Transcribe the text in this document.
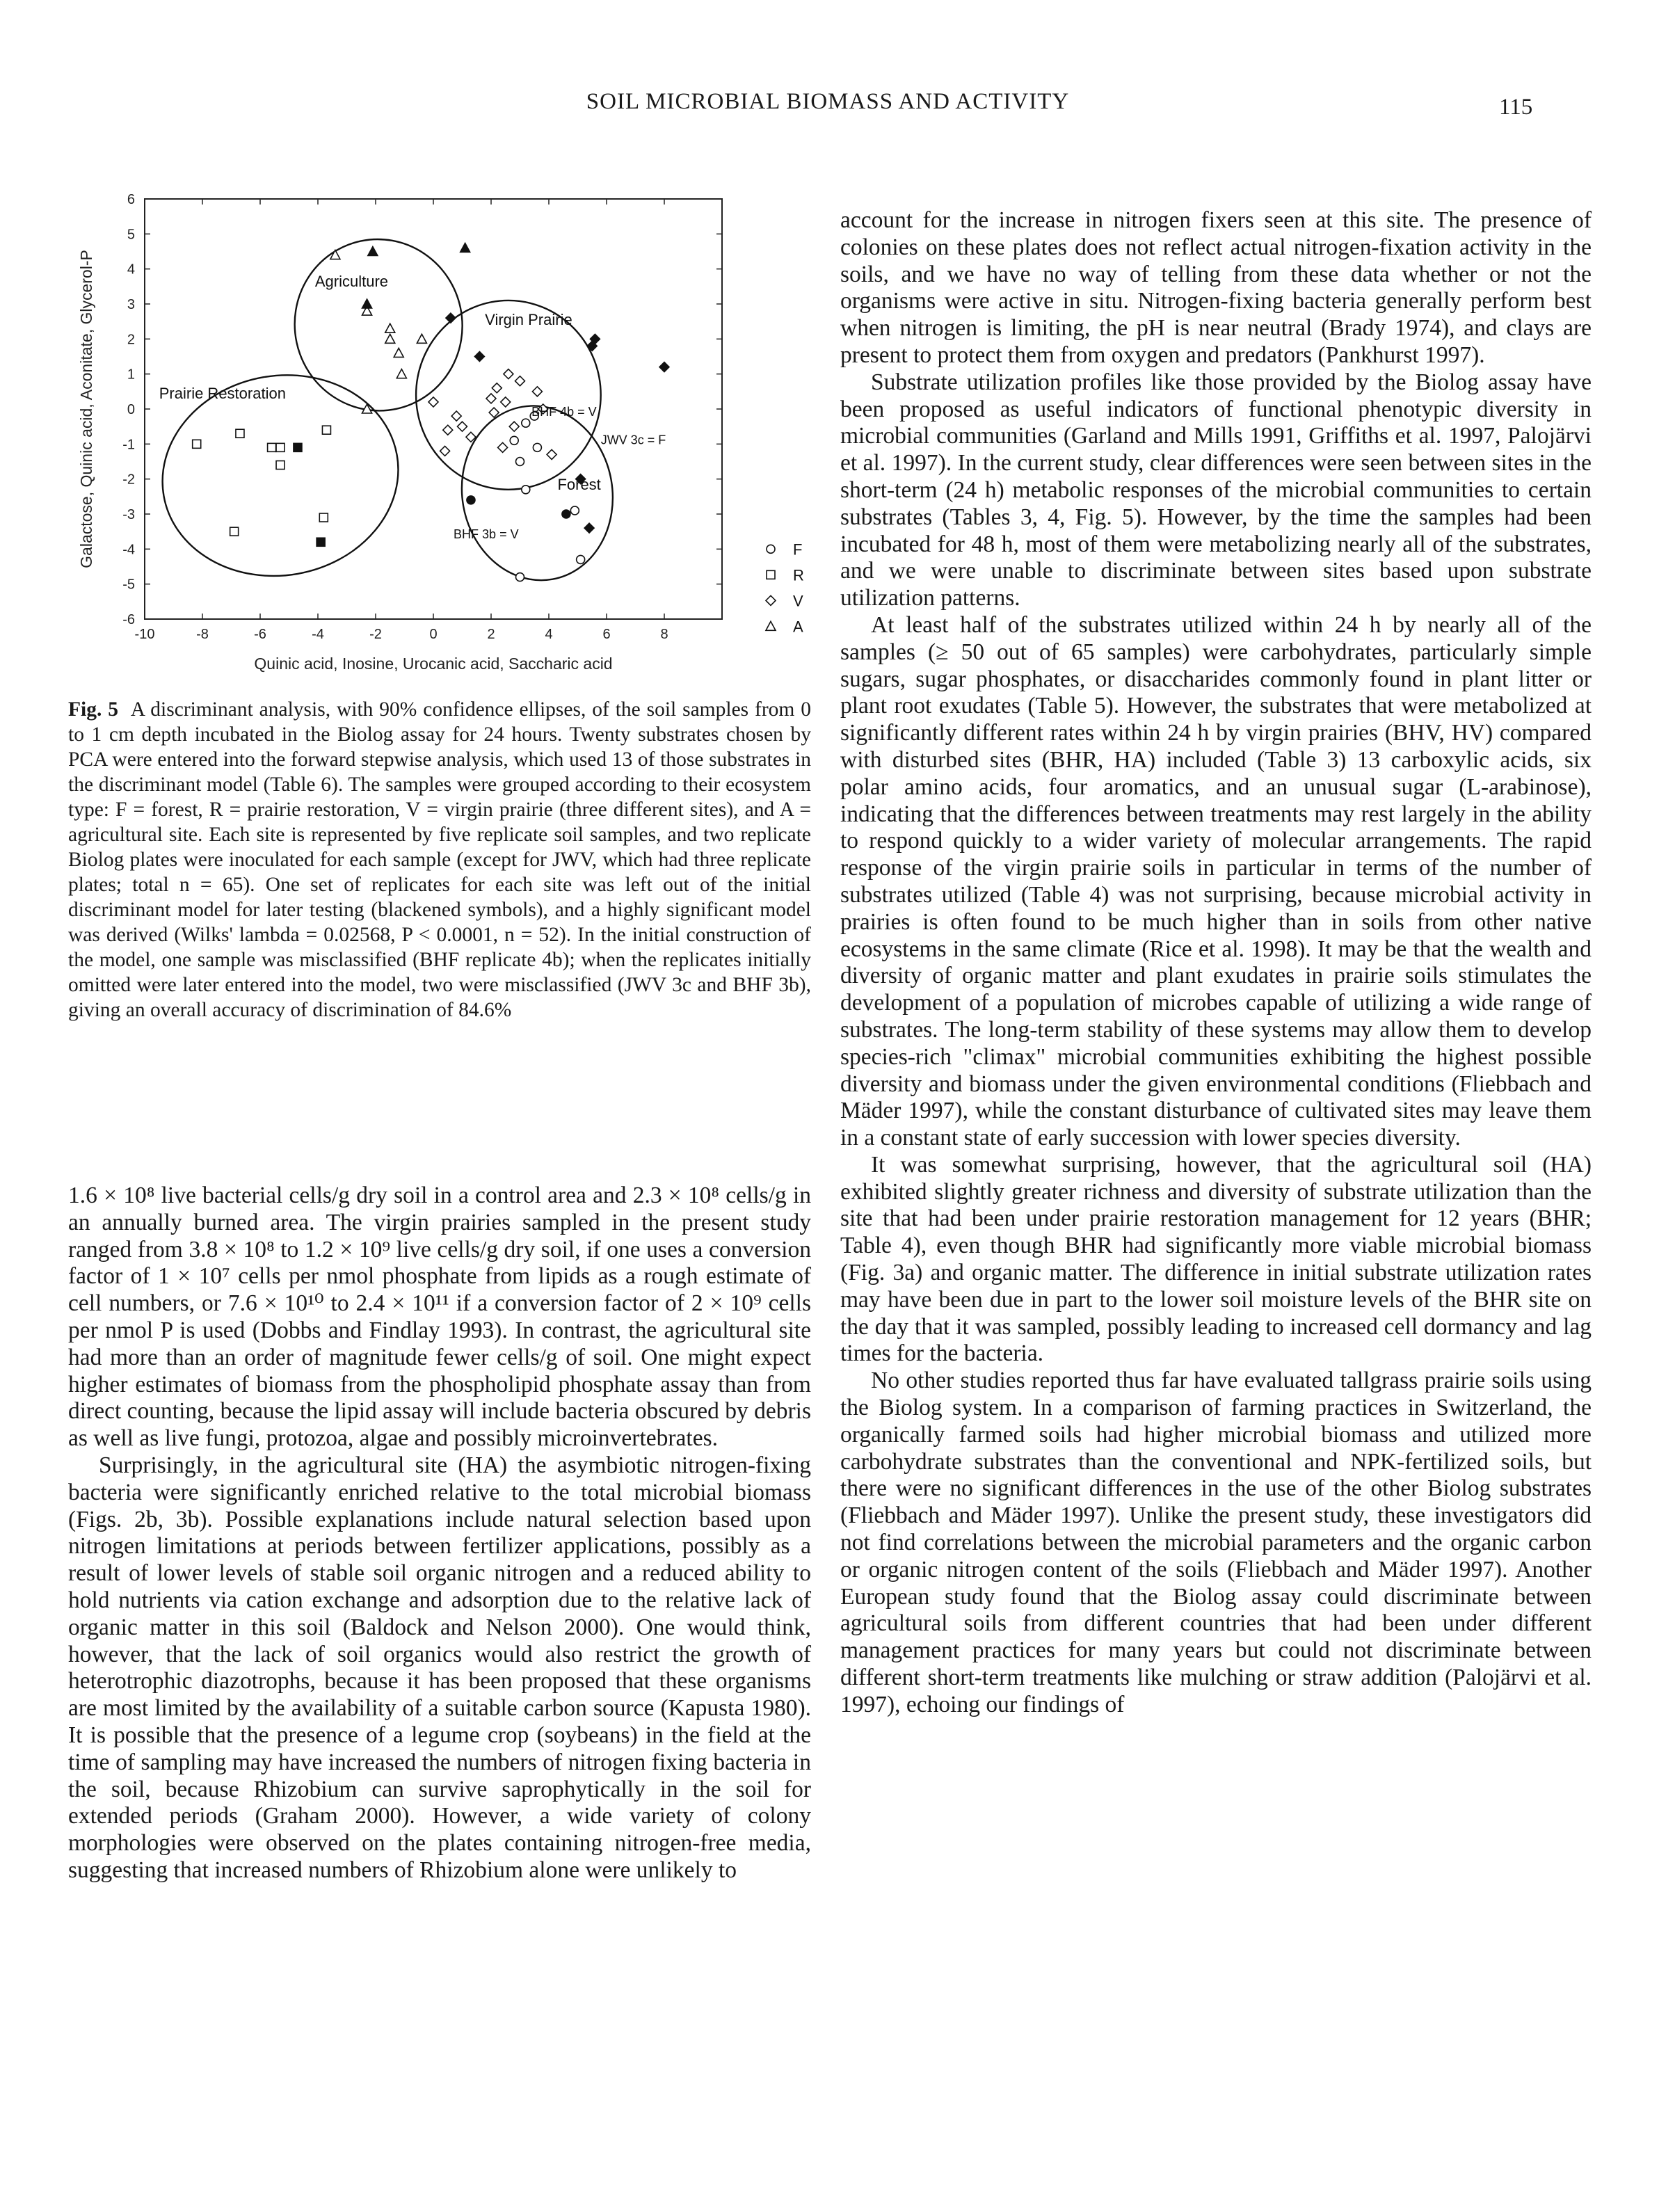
SOIL MICROBIAL BIOMASS AND ACTIVITY	115
-10	-8	-6	-4	-2	0	2	4	6	8
6
5
4
3
2
1
0
-1
-2
-3
-4
-5
-6
Quinic acid, Inosine, Urocanic acid, Saccharic acid
Galactose, Quinic acid, Aconitate, Glycerol-P	Agriculture
Virgin Prairie
Prairie Restoration
Forest
BHF 4b = V
JWV 3c = F
BHF 3b = V
F
R
V
A
Fig. 5 A discriminant analysis, with 90% confidence ellipses, of the soil samples from 0 to 1 cm depth incubated in the Biolog assay for 24 hours. Twenty substrates chosen by PCA were entered into the forward stepwise analysis, which used 13 of those substrates in the discriminant model (Table 6). The samples were grouped according to their ecosystem type: F = forest, R = prairie restoration, V = virgin prairie (three different sites), and A = agricultural site. Each site is represented by five replicate soil samples, and two replicate Biolog plates were inoculated for each sample (except for JWV, which had three replicate plates; total n = 65). One set of replicates for each site was left out of the initial discriminant model for later testing (blackened symbols), and a highly significant model was derived (Wilks' lambda = 0.02568, P < 0.0001, n = 52). In the initial construction of the model, one sample was misclassified (BHF replicate 4b); when the replicates initially omitted were later entered into the model, two were misclassified (JWV 3c and BHF 3b), giving an overall accuracy of discrimination of 84.6%

1.6 × 10⁸ live bacterial cells/g dry soil in a control area and 2.3 × 10⁸ cells/g in an annually burned area. The virgin prairies sampled in the present study ranged from 3.8 × 10⁸ to 1.2 × 10⁹ live cells/g dry soil, if one uses a conversion factor of 1 × 10⁷ cells per nmol phosphate from lipids as a rough estimate of cell numbers, or 7.6 × 10¹⁰ to 2.4 × 10¹¹ if a conversion factor of 2 × 10⁹ cells per nmol P is used (Dobbs and Findlay 1993). In contrast, the agricultural site had more than an order of magnitude fewer cells/g of soil. One might expect higher estimates of biomass from the phospholipid phosphate assay than from direct counting, because the lipid assay will include bacteria obscured by debris as well as live fungi, protozoa, algae and possibly microinvertebrates.

Surprisingly, in the agricultural site (HA) the asymbiotic nitrogen-fixing bacteria were significantly enriched relative to the total microbial biomass (Figs. 2b, 3b). Possible explanations include natural selection based upon nitrogen limitations at periods between fertilizer applications, possibly as a result of lower levels of stable soil organic nitrogen and a reduced ability to hold nutrients via cation exchange and adsorption due to the relative lack of organic matter in this soil (Baldock and Nelson 2000). One would think, however, that the lack of soil organics would also restrict the growth of heterotrophic diazotrophs, because it has been proposed that these organisms are most limited by the availability of a suitable carbon source (Kapusta 1980). It is possible that the presence of a legume crop (soybeans) in the field at the time of sampling may have increased the numbers of nitrogen fixing bacteria in the soil, because Rhizobium can survive saprophytically in the soil for extended periods (Graham 2000). However, a wide variety of colony morphologies were observed on the plates containing nitrogen-free media, suggesting that increased numbers of Rhizobium alone were unlikely to

account for the increase in nitrogen fixers seen at this site. The presence of colonies on these plates does not reflect actual nitrogen-fixation activity in the soils, and we have no way of telling from these data whether or not the organisms were active in situ. Nitrogen-fixing bacteria generally perform best when nitrogen is limiting, the pH is near neutral (Brady 1974), and clays are present to protect them from oxygen and predators (Pankhurst 1997).

Substrate utilization profiles like those provided by the Biolog assay have been proposed as useful indicators of functional phenotypic diversity in microbial communities (Garland and Mills 1991, Griffiths et al. 1997, Palojärvi et al. 1997). In the current study, clear differences were seen between sites in the short-term (24 h) metabolic responses of the microbial communities to certain substrates (Tables 3, 4, Fig. 5). However, by the time the samples had been incubated for 48 h, most of them were metabolizing nearly all of the substrates, and we were unable to discriminate between sites based upon substrate utilization patterns.

At least half of the substrates utilized within 24 h by nearly all of the samples (≥ 50 out of 65 samples) were carbohydrates, particularly simple sugars, sugar phosphates, or disaccharides commonly found in plant litter or plant root exudates (Table 5). However, the substrates that were metabolized at significantly different rates within 24 h by virgin prairies (BHV, HV) compared with disturbed sites (BHR, HA) included (Table 3) 13 carboxylic acids, six polar amino acids, four aromatics, and an unusual sugar (L-arabinose), indicating that the differences between treatments may rest largely in the ability to respond quickly to a wider variety of molecular arrangements. The rapid response of the virgin prairie soils in particular in terms of the number of substrates utilized (Table 4) was not surprising, because microbial activity in prairies is often found to be much higher than in soils from other native ecosystems in the same climate (Rice et al. 1998). It may be that the wealth and diversity of organic matter and plant exudates in prairie soils stimulates the development of a population of microbes capable of utilizing a wide range of substrates. The long-term stability of these systems may allow them to develop species-rich "climax" microbial communities exhibiting the highest possible diversity and biomass under the given environmental conditions (Fliebbach and Mäder 1997), while the constant disturbance of cultivated sites may leave them in a constant state of early succession with lower species diversity.

It was somewhat surprising, however, that the agricultural soil (HA) exhibited slightly greater richness and diversity of substrate utilization than the site that had been under prairie restoration management for 12 years (BHR; Table 4), even though BHR had significantly more viable microbial biomass (Fig. 3a) and organic matter. The difference in initial substrate utilization rates may have been due in part to the lower soil moisture levels of the BHR site on the day that it was sampled, possibly leading to increased cell dormancy and lag times for the bacteria.

No other studies reported thus far have evaluated tallgrass prairie soils using the Biolog system. In a comparison of farming practices in Switzerland, the organically farmed soils had higher microbial biomass and utilized more carbohydrate substrates than the conventional and NPK-fertilized soils, but there were no significant differences in the use of the other Biolog substrates (Fliebbach and Mäder 1997). Unlike the present study, these investigators did not find correlations between the microbial parameters and the organic carbon or organic nitrogen content of the soils (Fliebbach and Mäder 1997). Another European study found that the Biolog assay could discriminate between agricultural soils from different countries that had been under different management practices for many years but could not discriminate between different short-term treatments like mulching or straw addition (Palojärvi et al. 1997), echoing our findings of
